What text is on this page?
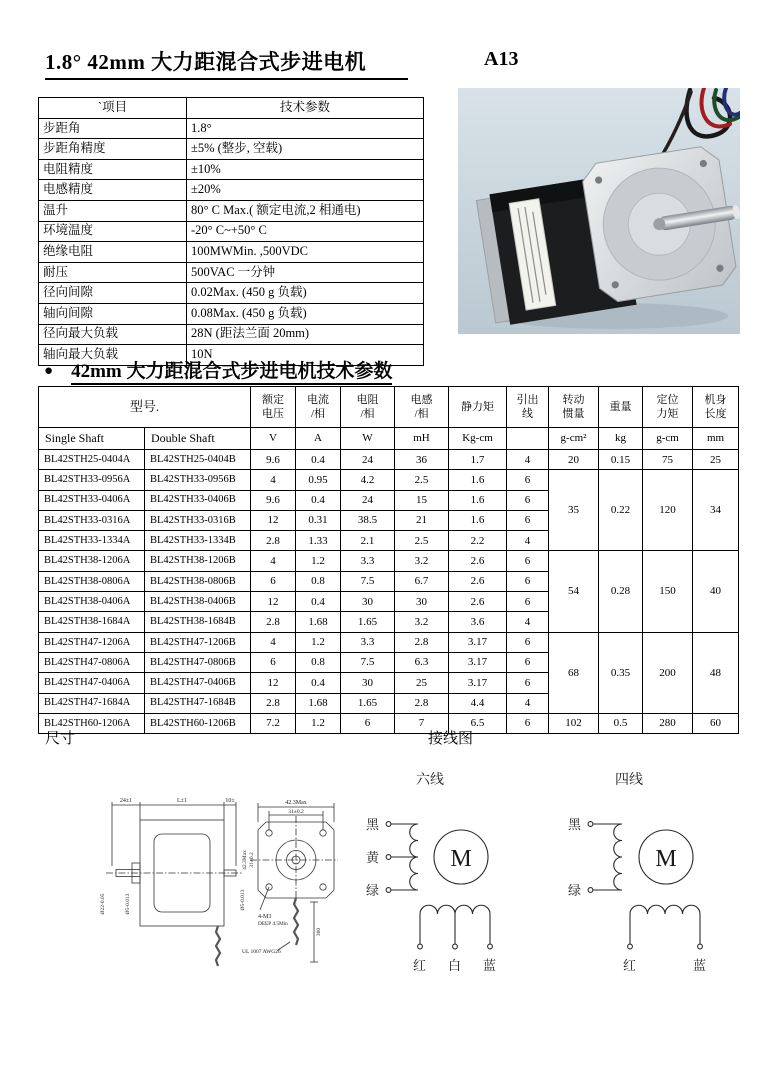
1.8° 42mm 大力距混合式步进电机	A13
`项目	技术参数
步距角	1.8°
步距角精度	±5% (整步, 空载)
电阻精度	±10%
电感精度	±20%
温升	80° C Max.( 额定电流,2 相通电)
环境温度	-20° C~+50° C
绝缘电阻	100MWMin. ,500VDC
耐压	500VAC 一分钟
径向间隙	0.02Max. (450 g 负载)
轴向间隙	0.08Max. (450 g 负载)
径向最大负载	28N (距法兰面 20mm)
轴向最大负载	10N
● 42mm 大力距混合式步进电机技术参数
型号.	额定
电压

电流
/相

电阻
/相

电感
/相

静力矩

引出
线

转动
惯量

重量

定位
力矩

机身
长度

Single Shaft	Double Shaft	V	A	W	mH	Kg-cm		g-cm²	kg	g-cm	mm
BL42STH25-0404A	BL42STH25-0404B	9.6	0.4	24	36	1.7	4	20	0.15	75	25
BL42STH33-0956A	BL42STH33-0956B	4	0.95	4.2	2.5	1.6	6	35	0.22	120	34
BL42STH33-0406A	BL42STH33-0406B	9.6	0.4	24	15	1.6	6				
BL42STH33-0316A	BL42STH33-0316B	12	0.31	38.5	21	1.6	6				
BL42STH33-1334A	BL42STH33-1334B	2.8	1.33	2.1	2.5	2.2	4				
BL42STH38-1206A	BL42STH38-1206B	4	1.2	3.3	3.2	2.6	6	54	0.28	150	40
BL42STH38-0806A	BL42STH38-0806B	6	0.8	7.5	6.7	2.6	6				
BL42STH38-0406A	BL42STH38-0406B	12	0.4	30	30	2.6	6				
BL42STH38-1684A	BL42STH38-1684B	2.8	1.68	1.65	3.2	3.6	4				
BL42STH47-1206A	BL42STH47-1206B	4	1.2	3.3	2.8	3.17	6	68	0.35	200	48
BL42STH47-0806A	BL42STH47-0806B	6	0.8	7.5	6.3	3.17	6				
BL42STH47-0406A	BL42STH47-0406B	12	0.4	30	25	3.17	6				
BL42STH47-1684A	BL42STH47-1684B	2.8	1.68	1.65	2.8	4.4	4				
BL42STH60-1206A	BL42STH60-1206B	7.2	1.2	6	7	6.5	6	102	0.5	280	60
尺寸	接线图
24±1	L±1	10±
Ø22-0.05	Ø5-0.013	Ø5-0.013
42.3Max
31±0.2
42.3Max 31±0.2
4-M3
DEEP 4.5Min
UL 1007 AWG26
300
六线
M
黑
黄
绿
红 白 蓝
四线
M
黑
绿
红	蓝
